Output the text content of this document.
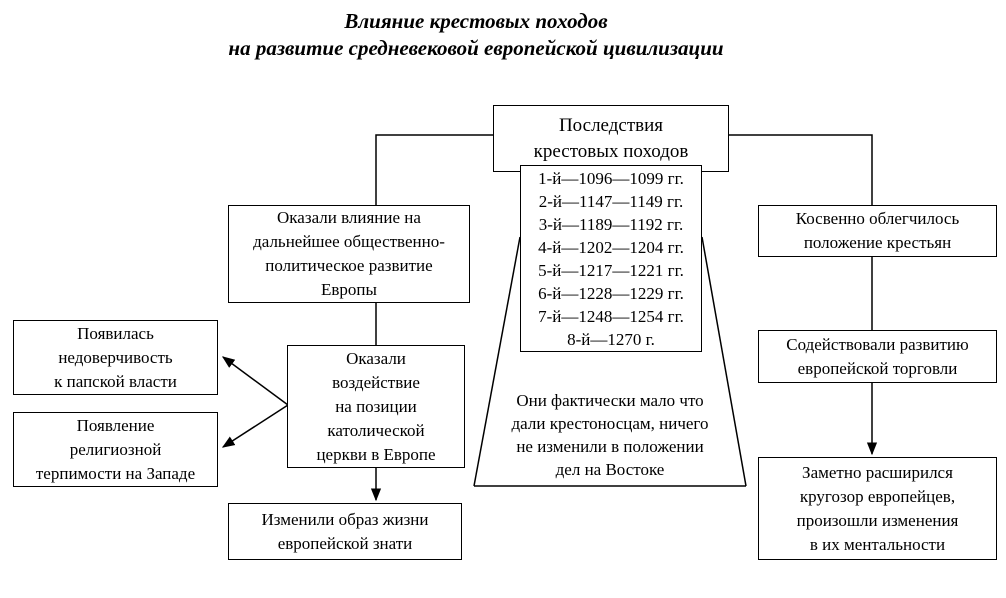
Влияние крестовых походов
на развитие средневековой европейской цивилизации
Последствия
крестовых походов
1-й—1096—1099 гг.
2-й—1147—1149 гг.
3-й—1189—1192 гг.
4-й—1202—1204 гг.
5-й—1217—1221 гг.
6-й—1228—1229 гг.
7-й—1248—1254 гг.
8-й—1270 г.
Оказали влияние на
дальнейшее общественно-
политическое развитие
Европы
Оказали
воздействие
на позиции
католической
церкви в Европе
Появилась
недоверчивость
к папской власти
Появление
религиозной
терпимости на Западе
Изменили образ жизни
европейской знати
Косвенно облегчилось
положение крестьян
Содействовали развитию
европейской торговли
Заметно расширился
кругозор европейцев,
произошли изменения
в их ментальности
Они фактически мало что
дали крестоносцам, ничего
не изменили в положении
дел на Востоке
